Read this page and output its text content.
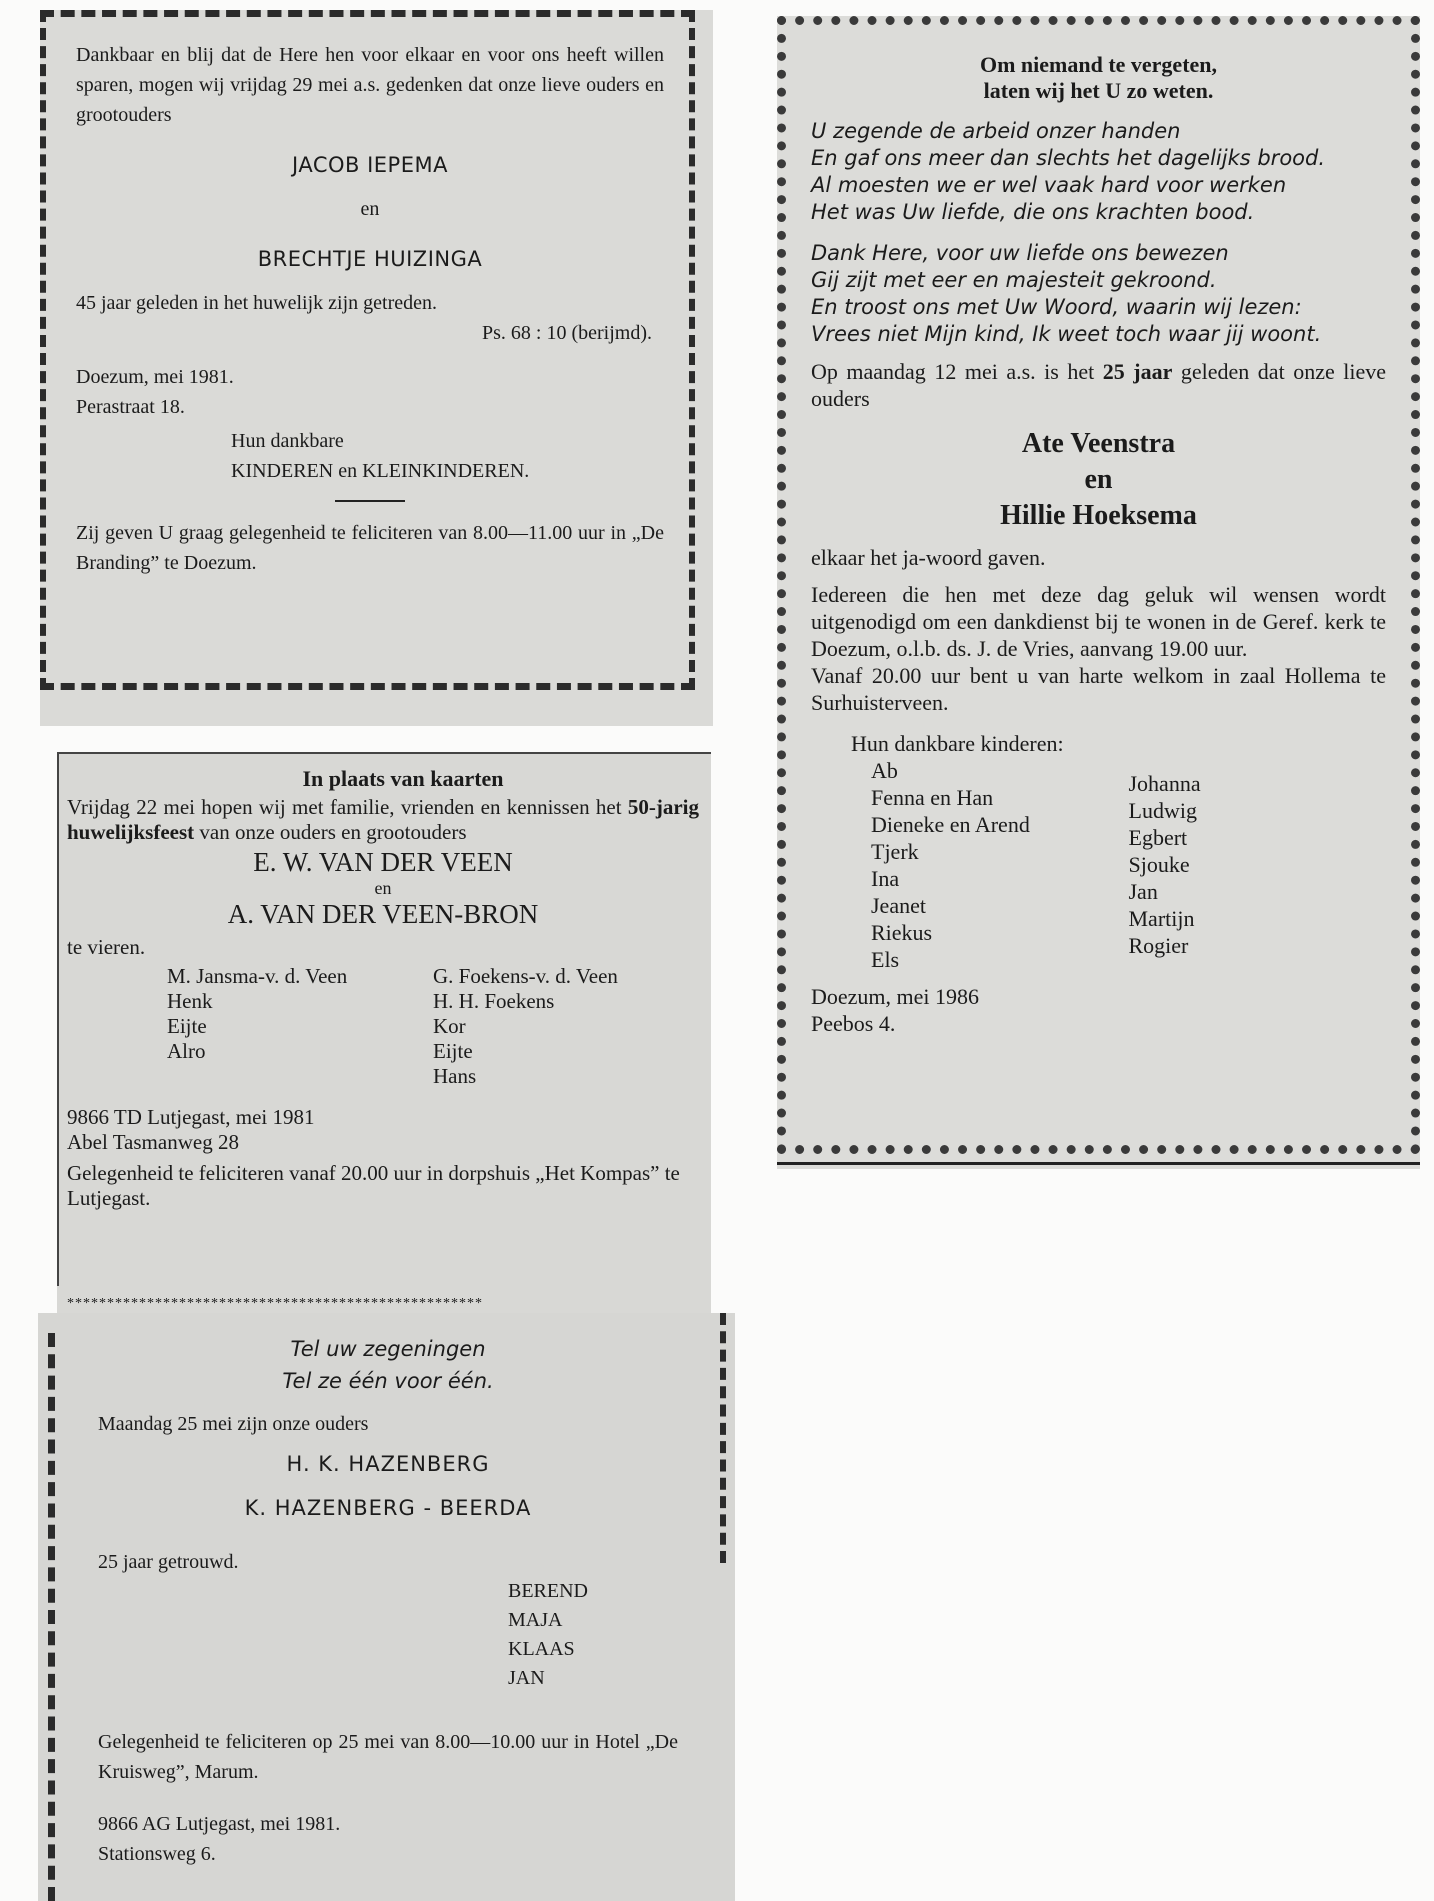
Dankbaar en blij dat de Here hen voor elkaar en voor ons heeft willen sparen, mogen wij vrijdag 29 mei a.s. gedenken dat onze lieve ouders en grootouders

JACOB IEPEMA

en

BRECHTJE HUIZINGA

45 jaar geleden in het huwelijk zijn getreden.

Ps. 68 : 10 (berijmd).

Doezum, mei 1981.

Perastraat 18.

Hun dankbare

KINDEREN en KLEINKINDEREN.

Zij geven U graag gelegenheid te feliciteren van 8.00—11.00 uur in „De Branding” te Doezum.

In plaats van kaarten

Vrijdag 22 mei hopen wij met familie, vrienden en kennissen het 50-jarig huwelijksfeest van onze ouders en grootouders

E. W. VAN DER VEEN

en

A. VAN DER VEEN-BRON

te vieren.

M. Jansma-v. d. Veen

Henk

Eijte

Alro

G. Foekens-v. d. Veen

H. H. Foekens

Kor

Eijte

Hans

9866 TD Lutjegast, mei 1981

Abel Tasmanweg 28

Gelegenheid te feliciteren vanaf 20.00 uur in dorpshuis „Het Kompas” te Lutjegast.

****************************************************

Tel uw zegeningen

Tel ze één voor één.

Maandag 25 mei zijn onze ouders

H. K. HAZENBERG

K. HAZENBERG - BEERDA

25 jaar getrouwd.

BEREND

MAJA

KLAAS

JAN

Gelegenheid te feliciteren op 25 mei van 8.00—10.00 uur in Hotel „De Kruisweg”, Marum.

9866 AG Lutjegast, mei 1981.

Stationsweg 6.

Om niemand te vergeten,

laten wij het U zo weten.

U zegende de arbeid onzer handen

En gaf ons meer dan slechts het dagelijks brood.

Al moesten we er wel vaak hard voor werken

Het was Uw liefde, die ons krachten bood.

Dank Here, voor uw liefde ons bewezen

Gij zijt met eer en majesteit gekroond.

En troost ons met Uw Woord, waarin wij lezen:

Vrees niet Mijn kind, Ik weet toch waar jij woont.

Op maandag 12 mei a.s. is het 25 jaar geleden dat onze lieve ouders

Ate Veenstra

en

Hillie Hoeksema

elkaar het ja-woord gaven.

Iedereen die hen met deze dag geluk wil wensen wordt uitgenodigd om een dankdienst bij te wonen in de Geref. kerk te Doezum, o.l.b. ds. J. de Vries, aanvang 19.00 uur.

Vanaf 20.00 uur bent u van harte welkom in zaal Hollema te Surhuisterveen.

Hun dankbare kinderen:

Ab

Fenna en Han

Dieneke en Arend

Tjerk

Ina

Jeanet

Riekus

Els

Johanna

Ludwig

Egbert

Sjouke

Jan

Martijn

Rogier

Doezum, mei 1986

Peebos 4.
